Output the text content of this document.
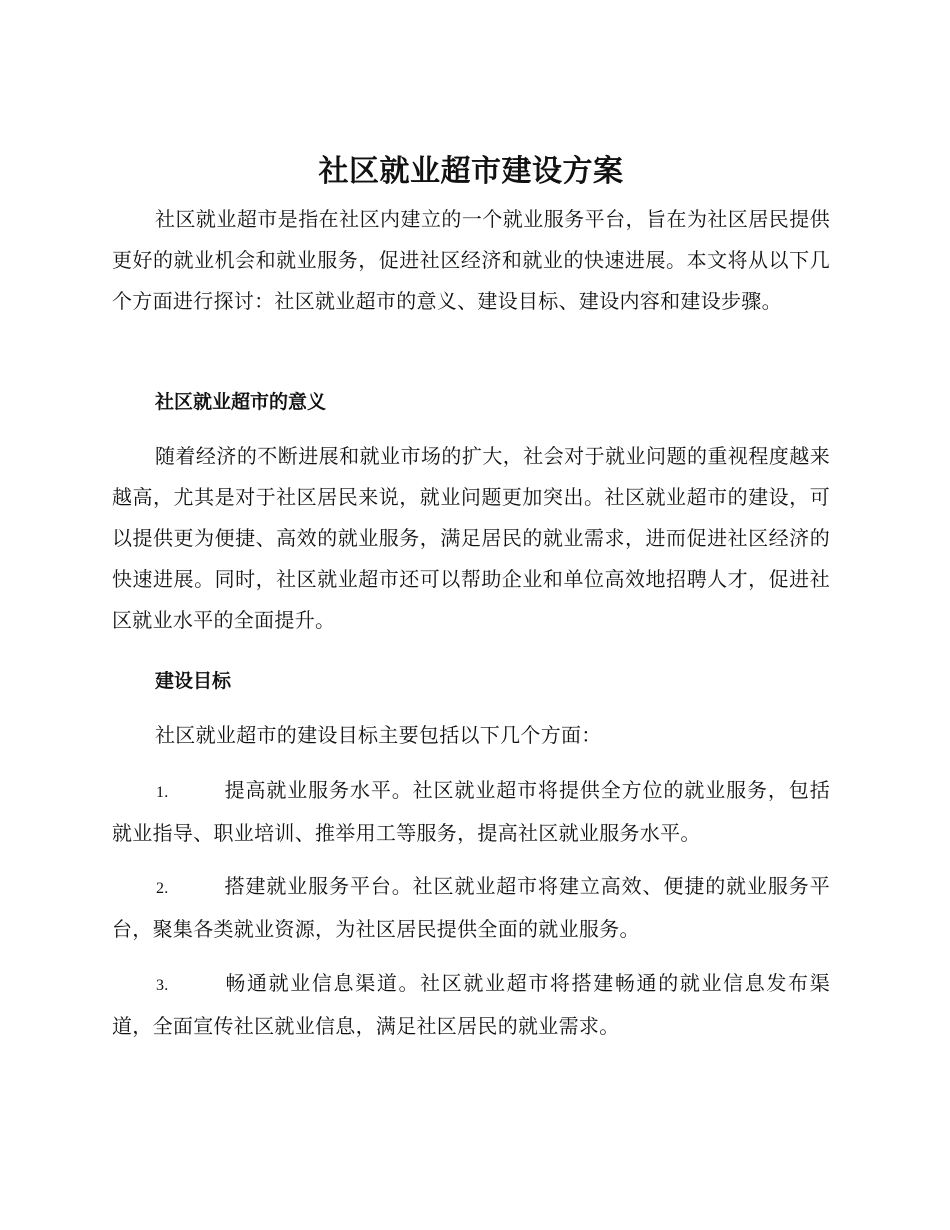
社区就业超市建设方案

社区就业超市是指在社区内建立的一个就业服务平台，旨在为社区居民提供更好的就业机会和就业服务，促进社区经济和就业的快速进展。本文将从以下几个方面进行探讨：社区就业超市的意义、建设目标、建设内容和建设步骤。

社区就业超市的意义

随着经济的不断进展和就业市场的扩大，社会对于就业问题的重视程度越来越高，尤其是对于社区居民来说，就业问题更加突出。社区就业超市的建设，可以提供更为便捷、高效的就业服务，满足居民的就业需求，进而促进社区经济的快速进展。同时，社区就业超市还可以帮助企业和单位高效地招聘人才，促进社区就业水平的全面提升。

建设目标

社区就业超市的建设目标主要包括以下几个方面：

1.	提高就业服务水平。社区就业超市将提供全方位的就业服务，包括就业指导、职业培训、推举用工等服务，提高社区就业服务水平。

2.	搭建就业服务平台。社区就业超市将建立高效、便捷的就业服务平台，聚集各类就业资源，为社区居民提供全面的就业服务。

3.	畅通就业信息渠道。社区就业超市将搭建畅通的就业信息发布渠道，全面宣传社区就业信息，满足社区居民的就业需求。
